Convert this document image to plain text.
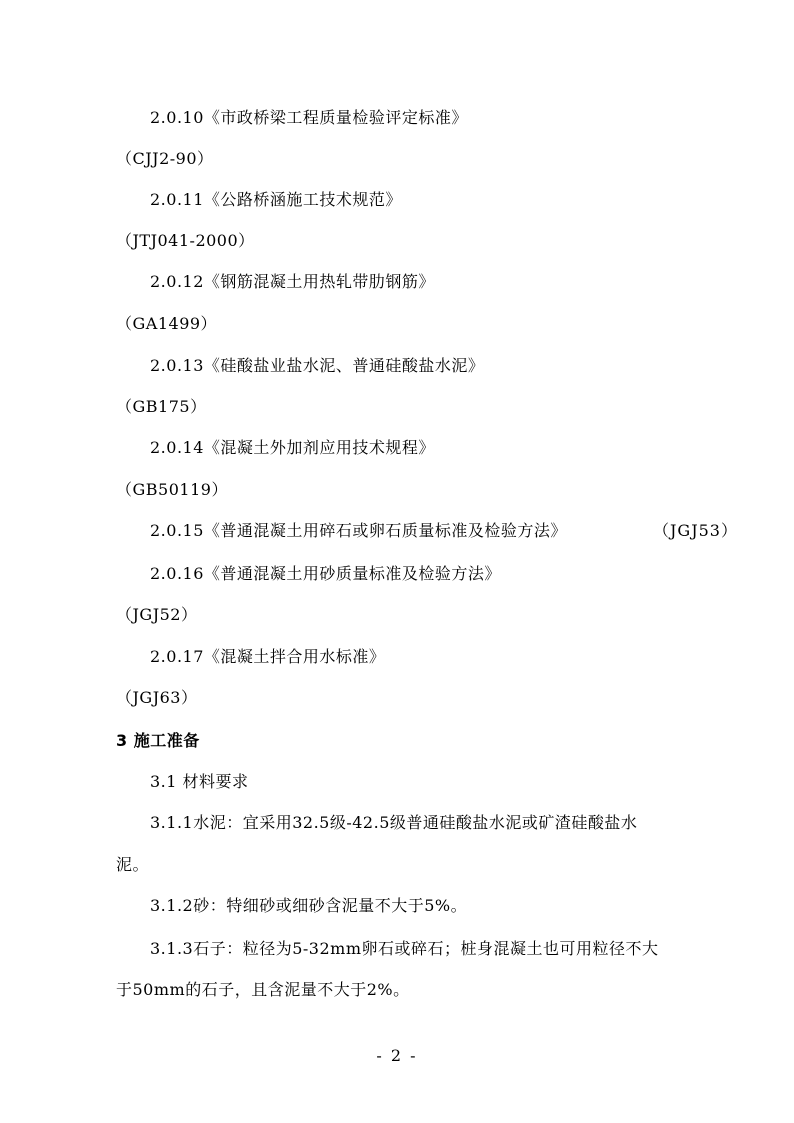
2.0.10《市政桥梁工程质量检验评定标准》
（CJJ2-90）
2.0.11《公路桥涵施工技术规范》
（JTJ041-2000）
2.0.12《钢筋混凝土用热轧带肋钢筋》
（GA1499）
2.0.13《硅酸盐业盐水泥、普通硅酸盐水泥》
（GB175）
2.0.14《混凝土外加剂应用技术规程》
（GB50119）
2.0.15《普通混凝土用碎石或卵石质量标准及检验方法》	（JGJ53）
2.0.16《普通混凝土用砂质量标准及检验方法》
（JGJ52）
2.0.17《混凝土拌合用水标准》
（JGJ63）
3 施工准备
3.1 材料要求
3.1.1水泥：宜采用32.5级-42.5级普通硅酸盐水泥或矿渣硅酸盐水
泥。
3.1.2砂：特细砂或细砂含泥量不大于5%。
3.1.3石子：粒径为5-32mm卵石或碎石；桩身混凝土也可用粒径不大
于50mm的石子，且含泥量不大于2%。
- 2 -
